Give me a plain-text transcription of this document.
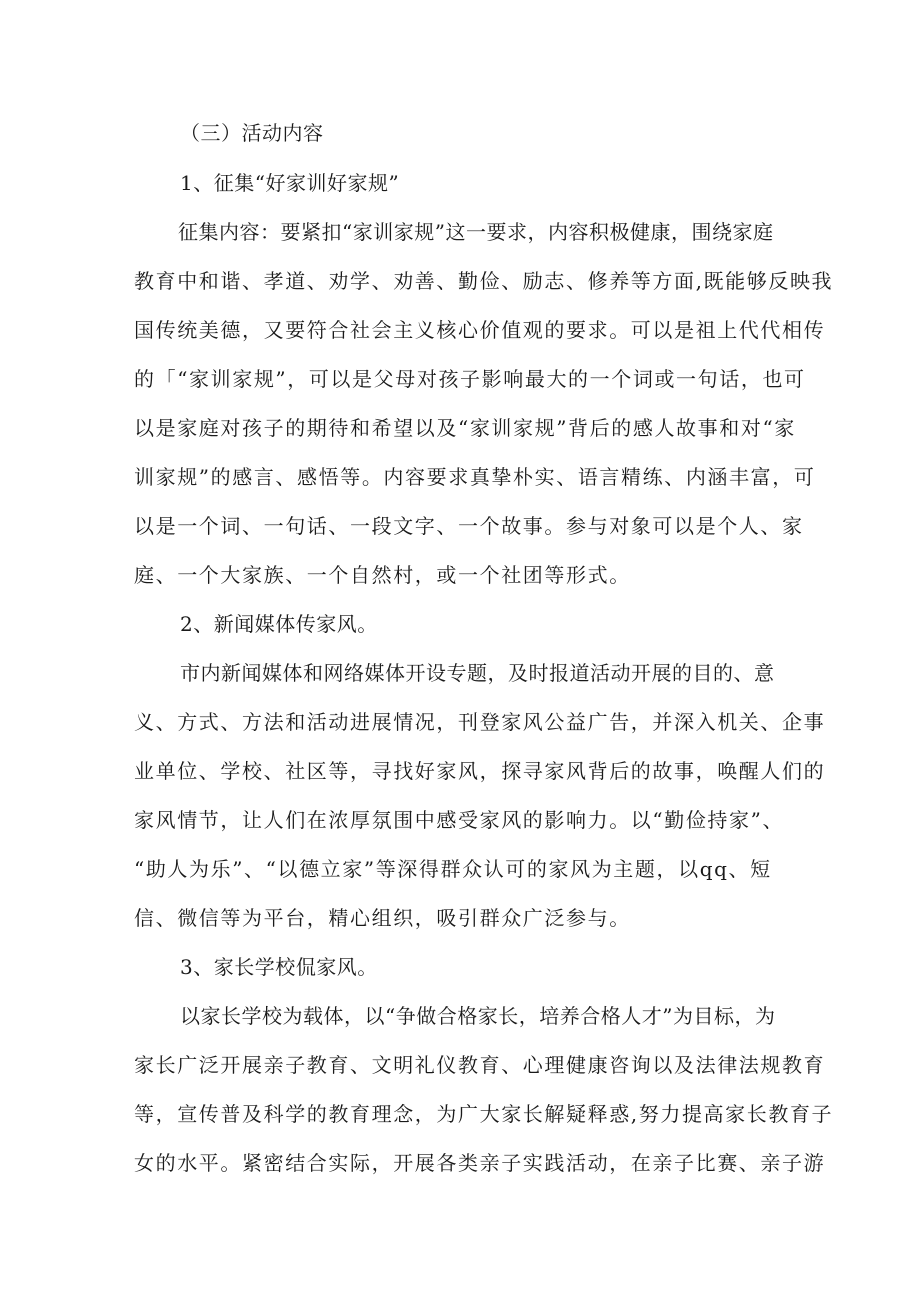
（三）活动内容
1、征集“好家训好家规”
征集内容：要紧扣“家训家规”这一要求，内容积极健康，围绕家庭
教育中和谐、孝道、劝学、劝善、勤俭、励志、修养等方面,既能够反映我
国传统美德，又要符合社会主义核心价值观的要求。可以是祖上代代相传
的「“家训家规”，可以是父母对孩子影响最大的一个词或一句话，也可
以是家庭对孩子的期待和希望以及“家训家规”背后的感人故事和对“家
训家规”的感言、感悟等。内容要求真挚朴实、语言精练、内涵丰富，可
以是一个词、一句话、一段文字、一个故事。参与对象可以是个人、家
庭、一个大家族、一个自然村，或一个社团等形式。
2、新闻媒体传家风。
市内新闻媒体和网络媒体开设专题，及时报道活动开展的目的、意
义、方式、方法和活动进展情况，刊登家风公益广告，并深入机关、企事
业单位、学校、社区等，寻找好家风，探寻家风背后的故事，唤醒人们的
家风情节，让人们在浓厚氛围中感受家风的影响力。以“勤俭持家”、
“助人为乐”、“以德立家”等深得群众认可的家风为主题，以qq、短
信、微信等为平台，精心组织，吸引群众广泛参与。
3、家长学校侃家风。
以家长学校为载体，以“争做合格家长，培养合格人才”为目标，为
家长广泛开展亲子教育、文明礼仪教育、心理健康咨询以及法律法规教育
等，宣传普及科学的教育理念，为广大家长解疑释惑,努力提高家长教育子
女的水平。紧密结合实际，开展各类亲子实践活动，在亲子比赛、亲子游
